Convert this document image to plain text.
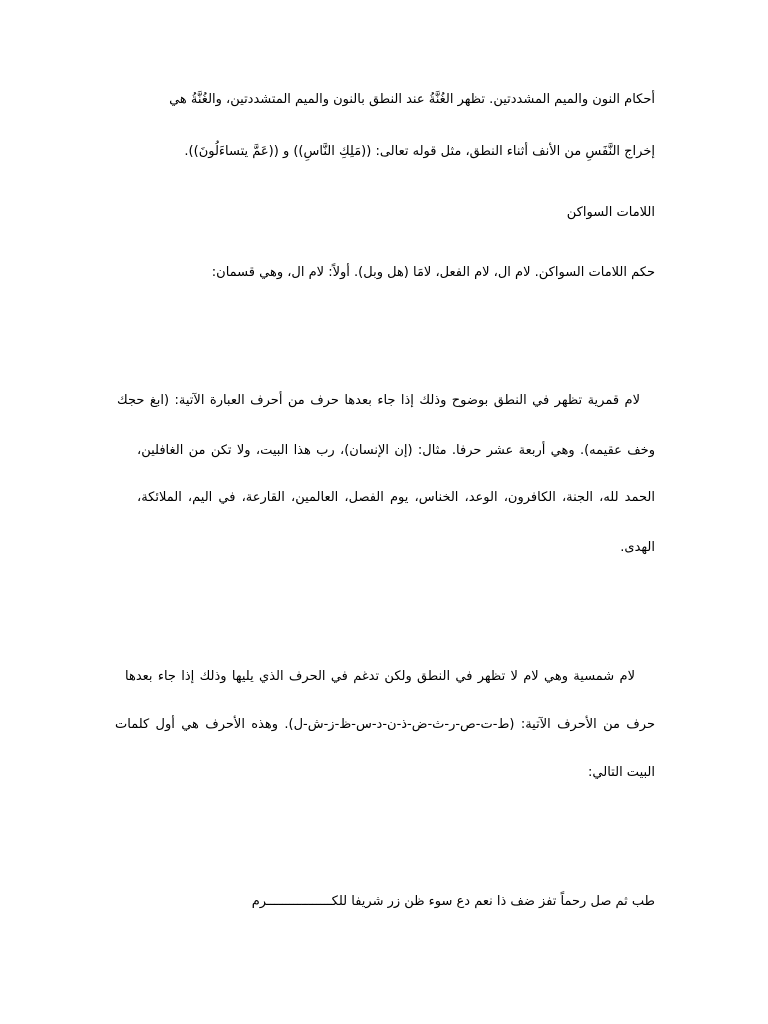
أحكام النون والميم المشددتين. تظهر الغُنَّةُ عند النطق بالنون والميم المتشددتين، والغُنَّةُ هي
إخراج النَّفَسِ من الأنف أثناء النطق، مثل قوله تعالى: ((مَلِكِ النَّاسِ)) و ((عَمَّ يتساءَلُونَ)).
اللامات السواكن
حكم اللامات السواكن. لام ال، لام الفعل، لامَا (هل وبل). أولاً: لام ال، وهي قسمان:
لام قمرية تظهر في النطق بوضوح وذلك إذا جاء بعدها حرف من أحرف العبارة الآتية: (ابغ حجك
وخف عقيمه). وهي أربعة عشر حرفا. مثال: (إن الإنسان)، رب هذا البيت، ولا تكن من الغافلين،
الحمد لله، الجنة، الكافرون، الوعد، الخناس، يوم الفصل، العالمين، القارعة، في اليم، الملائكة،
الهدى.
لام شمسية وهي لام لا تظهر في النطق ولكن تدغم في الحرف الذي يليها وذلك إذا جاء بعدها
حرف من الأحرف الآتية: (ط-ت-ص-ر-ث-ض-ذ-ن-د-س-ظ-ز-ش-ل). وهذه الأحرف هي أول كلمات
البيت التالي:
طب ثم صل رحماً تفز ضف ذا نعم دع سوء ظن زر شريفا للكـــــــــــــــــرم
